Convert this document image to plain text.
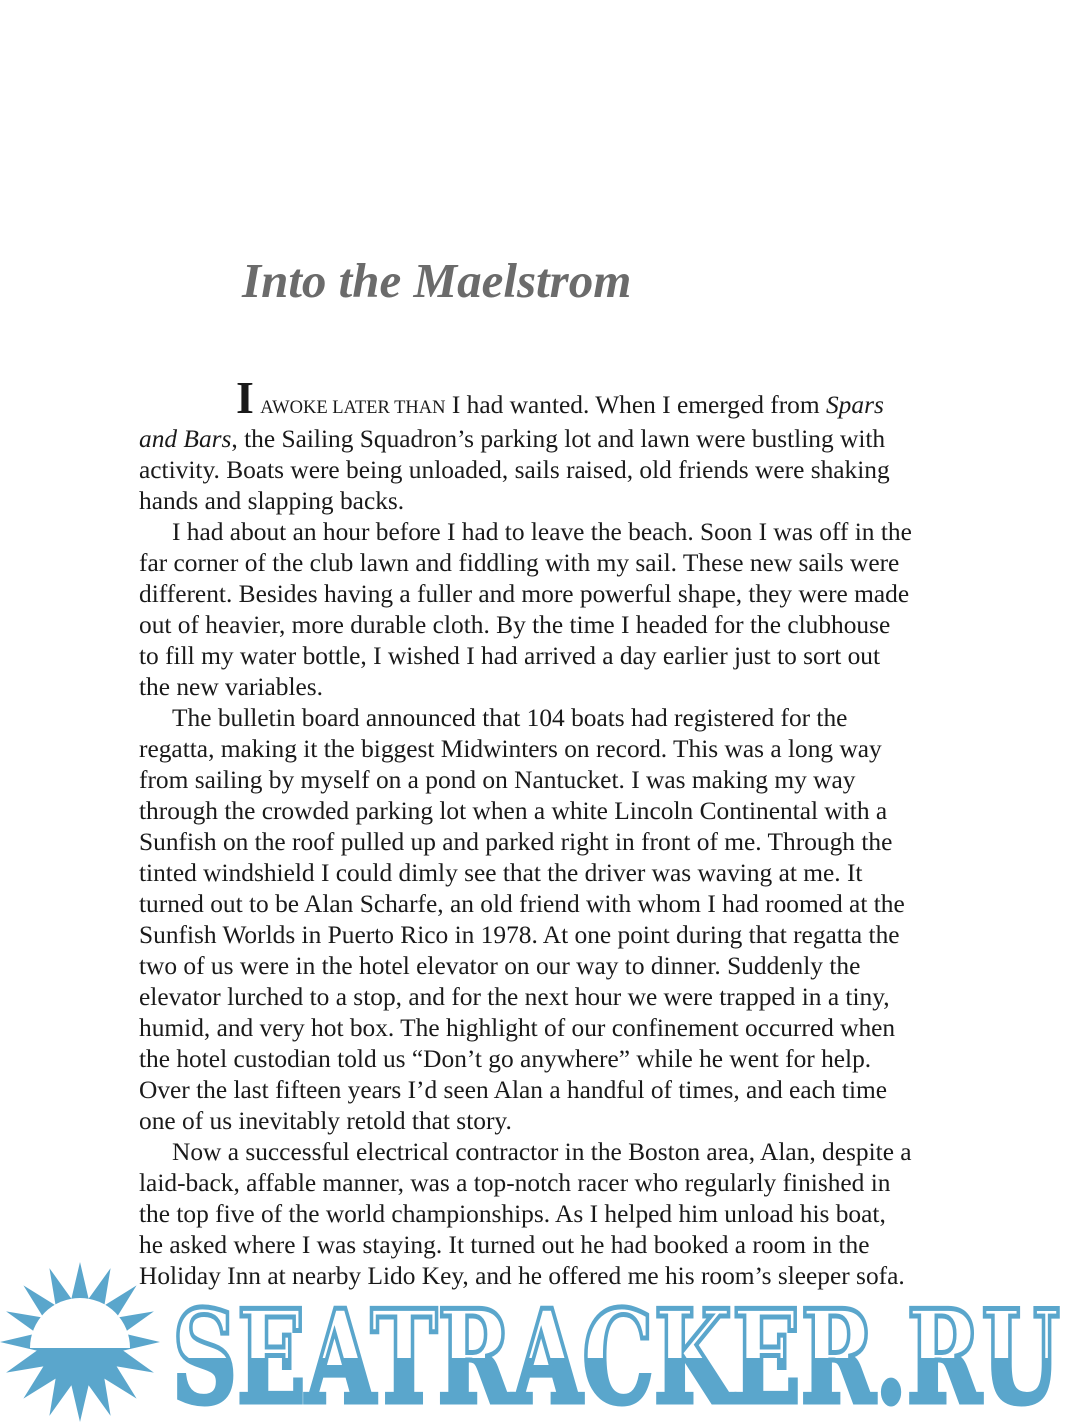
Into the Maelstrom

I AWOKE LATER THAN I had wanted. When I emerged from Spars
and Bars, the Sailing Squadron’s parking lot and lawn were bustling with
activity. Boats were being unloaded, sails raised, old friends were shaking
hands and slapping backs.

I had about an hour before I had to leave the beach. Soon I was off in the
far corner of the club lawn and fiddling with my sail. These new sails were
different. Besides having a fuller and more powerful shape, they were made
out of heavier, more durable cloth. By the time I headed for the clubhouse
to fill my water bottle, I wished I had arrived a day earlier just to sort out
the new variables.

The bulletin board announced that 104 boats had registered for the
regatta, making it the biggest Midwinters on record. This was a long way
from sailing by myself on a pond on Nantucket. I was making my way
through the crowded parking lot when a white Lincoln Continental with a
Sunfish on the roof pulled up and parked right in front of me. Through the
tinted windshield I could dimly see that the driver was waving at me. It
turned out to be Alan Scharfe, an old friend with whom I had roomed at the
Sunfish Worlds in Puerto Rico in 1978. At one point during that regatta the
two of us were in the hotel elevator on our way to dinner. Suddenly the
elevator lurched to a stop, and for the next hour we were trapped in a tiny,
humid, and very hot box. The highlight of our confinement occurred when
the hotel custodian told us “Don’t go anywhere” while he went for help.
Over the last fifteen years I’d seen Alan a handful of times, and each time
one of us inevitably retold that story.

Now a successful electrical contractor in the Boston area, Alan, despite a
laid-back, affable manner, was a top-notch racer who regularly finished in
the top five of the world championships. As I helped him unload his boat,
he asked where I was staying. It turned out he had booked a room in the
Holiday Inn at nearby Lido Key, and he offered me his room’s sleeper sofa.

SEATRACKER.RU
